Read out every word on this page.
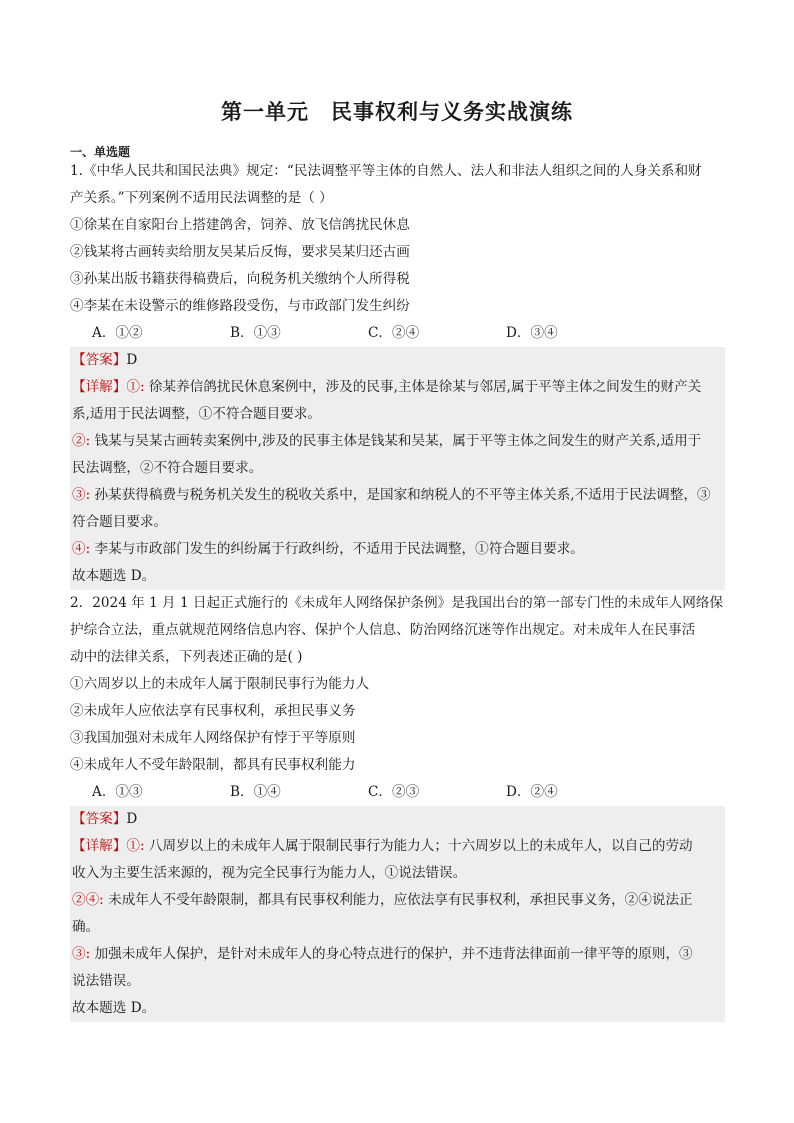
第一单元 民事权利与义务实战演练
一、单选题
1.《中华人民共和国民法典》规定：“民法调整平等主体的自然人、法人和非法人组织之间的人身关系和财
产关系。”下列案例不适用民法调整的是（ ）
①徐某在自家阳台上搭建鸽舍，饲养、放飞信鸽扰民休息
②钱某将古画转卖给朋友吴某后反悔，要求吴某归还古画
③孙某出版书籍获得稿费后，向税务机关缴纳个人所得税
④李某在未设警示的维修路段受伤，与市政部门发生纠纷
A．①②	B．①③	C．②④	D．③④
【答案】D
【详解】①: 徐某养信鸽扰民休息案例中，涉及的民事,主体是徐某与邻居,属于平等主体之间发生的财产关
系,适用于民法调整，①不符合题目要求。
②: 钱某与吴某古画转卖案例中,涉及的民事主体是钱某和吴某，属于平等主体之间发生的财产关系,适用于
民法调整，②不符合题目要求。
③: 孙某获得稿费与税务机关发生的税收关系中，是国家和纳税人的不平等主体关系,不适用于民法调整，③
符合题目要求。
④: 李某与市政部门发生的纠纷属于行政纠纷，不适用于民法调整，①符合题目要求。
故本题选 D。
2．2024 年 1 月 1 日起正式施行的《未成年人网络保护条例》是我国出台的第一部专门性的未成年人网络保
护综合立法，重点就规范网络信息内容、保护个人信息、防治网络沉迷等作出规定。对未成年人在民事活
动中的法律关系，下列表述正确的是( )
①六周岁以上的未成年人属于限制民事行为能力人
②未成年人应依法享有民事权利，承担民事义务
③我国加强对未成年人网络保护有悖于平等原则
④未成年人不受年龄限制，都具有民事权利能力
A．①③	B．①④	C．②③	D．②④
【答案】D
【详解】①: 八周岁以上的未成年人属于限制民事行为能力人；十六周岁以上的未成年人，以自己的劳动
收入为主要生活来源的，视为完全民事行为能力人，①说法错误。
②④: 未成年人不受年龄限制，都具有民事权利能力，应依法享有民事权利，承担民事义务，②④说法正
确。
③: 加强未成年人保护，是针对未成年人的身心特点进行的保护，并不违背法律面前一律平等的原则，③
说法错误。
故本题选 D。
